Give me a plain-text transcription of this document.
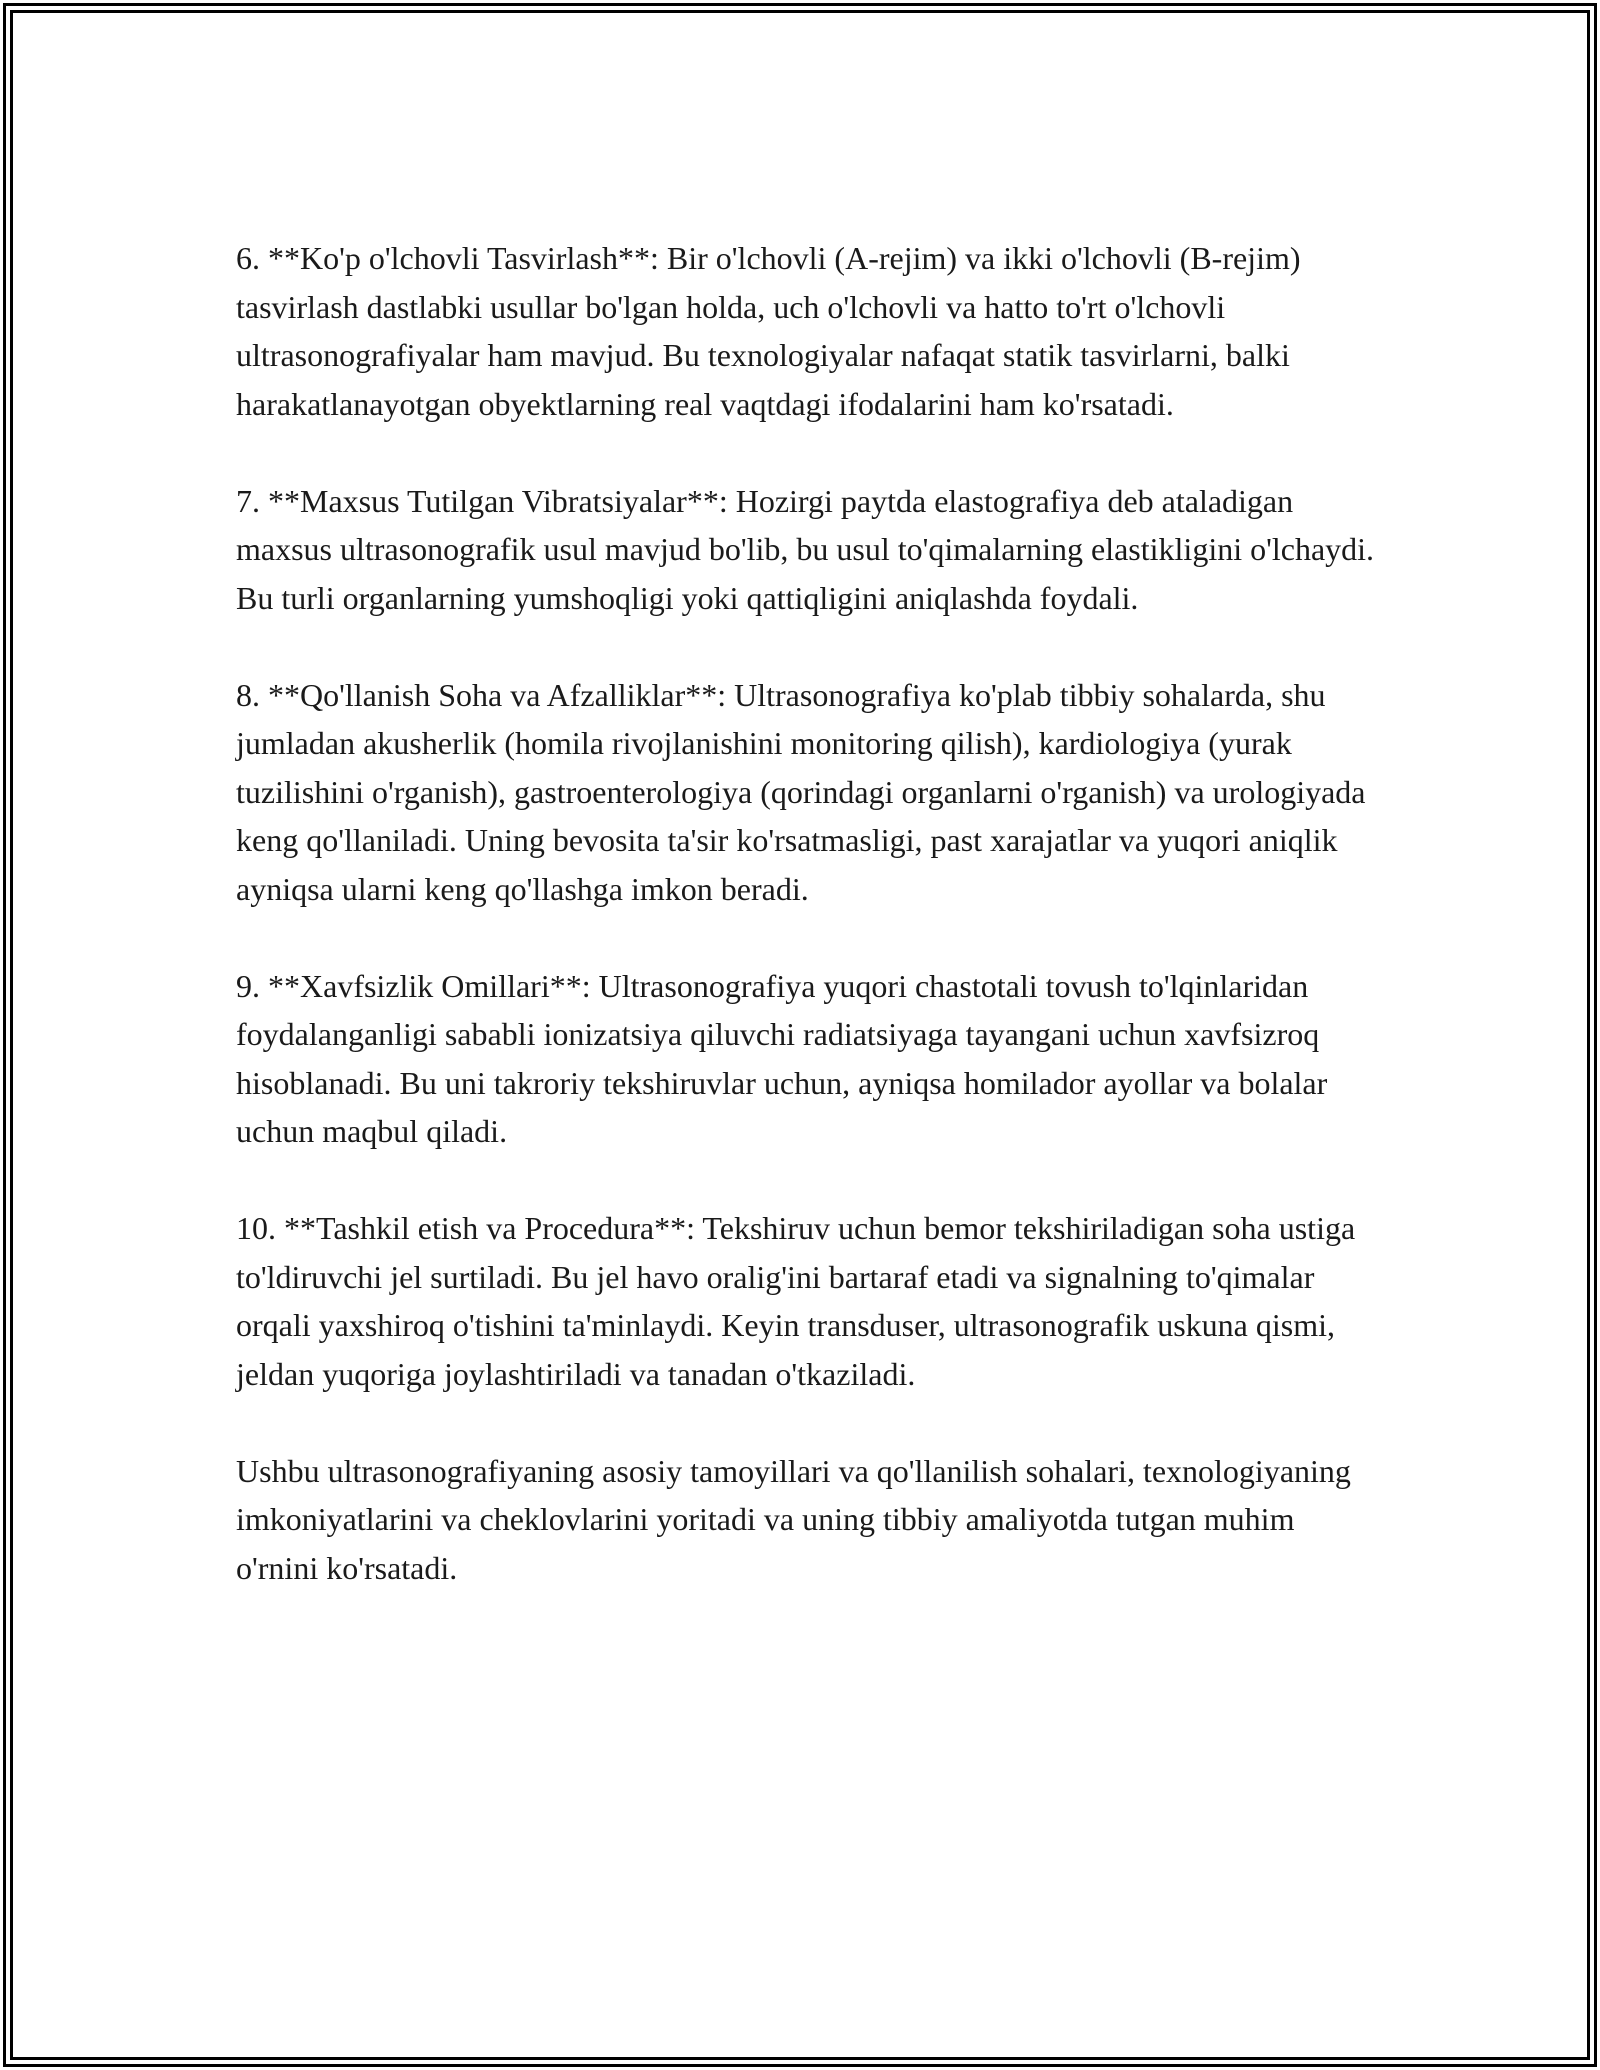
6. **Ko'p o'lchovli Tasvirlash**: Bir o'lchovli (A-rejim) va ikki o'lchovli (B-rejim) tasvirlash dastlabki usullar bo'lgan holda, uch o'lchovli va hatto to'rt o'lchovli ultrasonografiyalar ham mavjud. Bu texnologiyalar nafaqat statik tasvirlarni, balki harakatlanayotgan obyektlarning real vaqtdagi ifodalarini ham ko'rsatadi.

7. **Maxsus Tutilgan Vibratsiyalar**: Hozirgi paytda elastografiya deb ataladigan maxsus ultrasonografik usul mavjud bo'lib, bu usul to'qimalarning elastikligini o'lchaydi. Bu turli organlarning yumshoqligi yoki qattiqligini aniqlashda foydali.

8. **Qo'llanish Soha va Afzalliklar**: Ultrasonografiya ko'plab tibbiy sohalarda, shu jumladan akusherlik (homila rivojlanishini monitoring qilish), kardiologiya (yurak tuzilishini o'rganish), gastroenterologiya (qorindagi organlarni o'rganish) va urologiyada keng qo'llaniladi. Uning bevosita ta'sir ko'rsatmasligi, past xarajatlar va yuqori aniqlik ayniqsa ularni keng qo'llashga imkon beradi.

9. **Xavfsizlik Omillari**: Ultrasonografiya yuqori chastotali tovush to'lqinlaridan foydalanganligi sababli ionizatsiya qiluvchi radiatsiyaga tayangani uchun xavfsizroq hisoblanadi. Bu uni takroriy tekshiruvlar uchun, ayniqsa homilador ayollar va bolalar uchun maqbul qiladi.

10. **Tashkil etish va Procedura**: Tekshiruv uchun bemor tekshiriladigan soha ustiga to'ldiruvchi jel surtiladi. Bu jel havo oralig'ini bartaraf etadi va signalning to'qimalar orqali yaxshiroq o'tishini ta'minlaydi. Keyin transduser, ultrasonografik uskuna qismi, jeldan yuqoriga joylashtiriladi va tanadan o'tkaziladi.

Ushbu ultrasonografiyaning asosiy tamoyillari va qo'llanilish sohalari, texnologiyaning imkoniyatlarini va cheklovlarini yoritadi va uning tibbiy amaliyotda tutgan muhim o'rnini ko'rsatadi.
